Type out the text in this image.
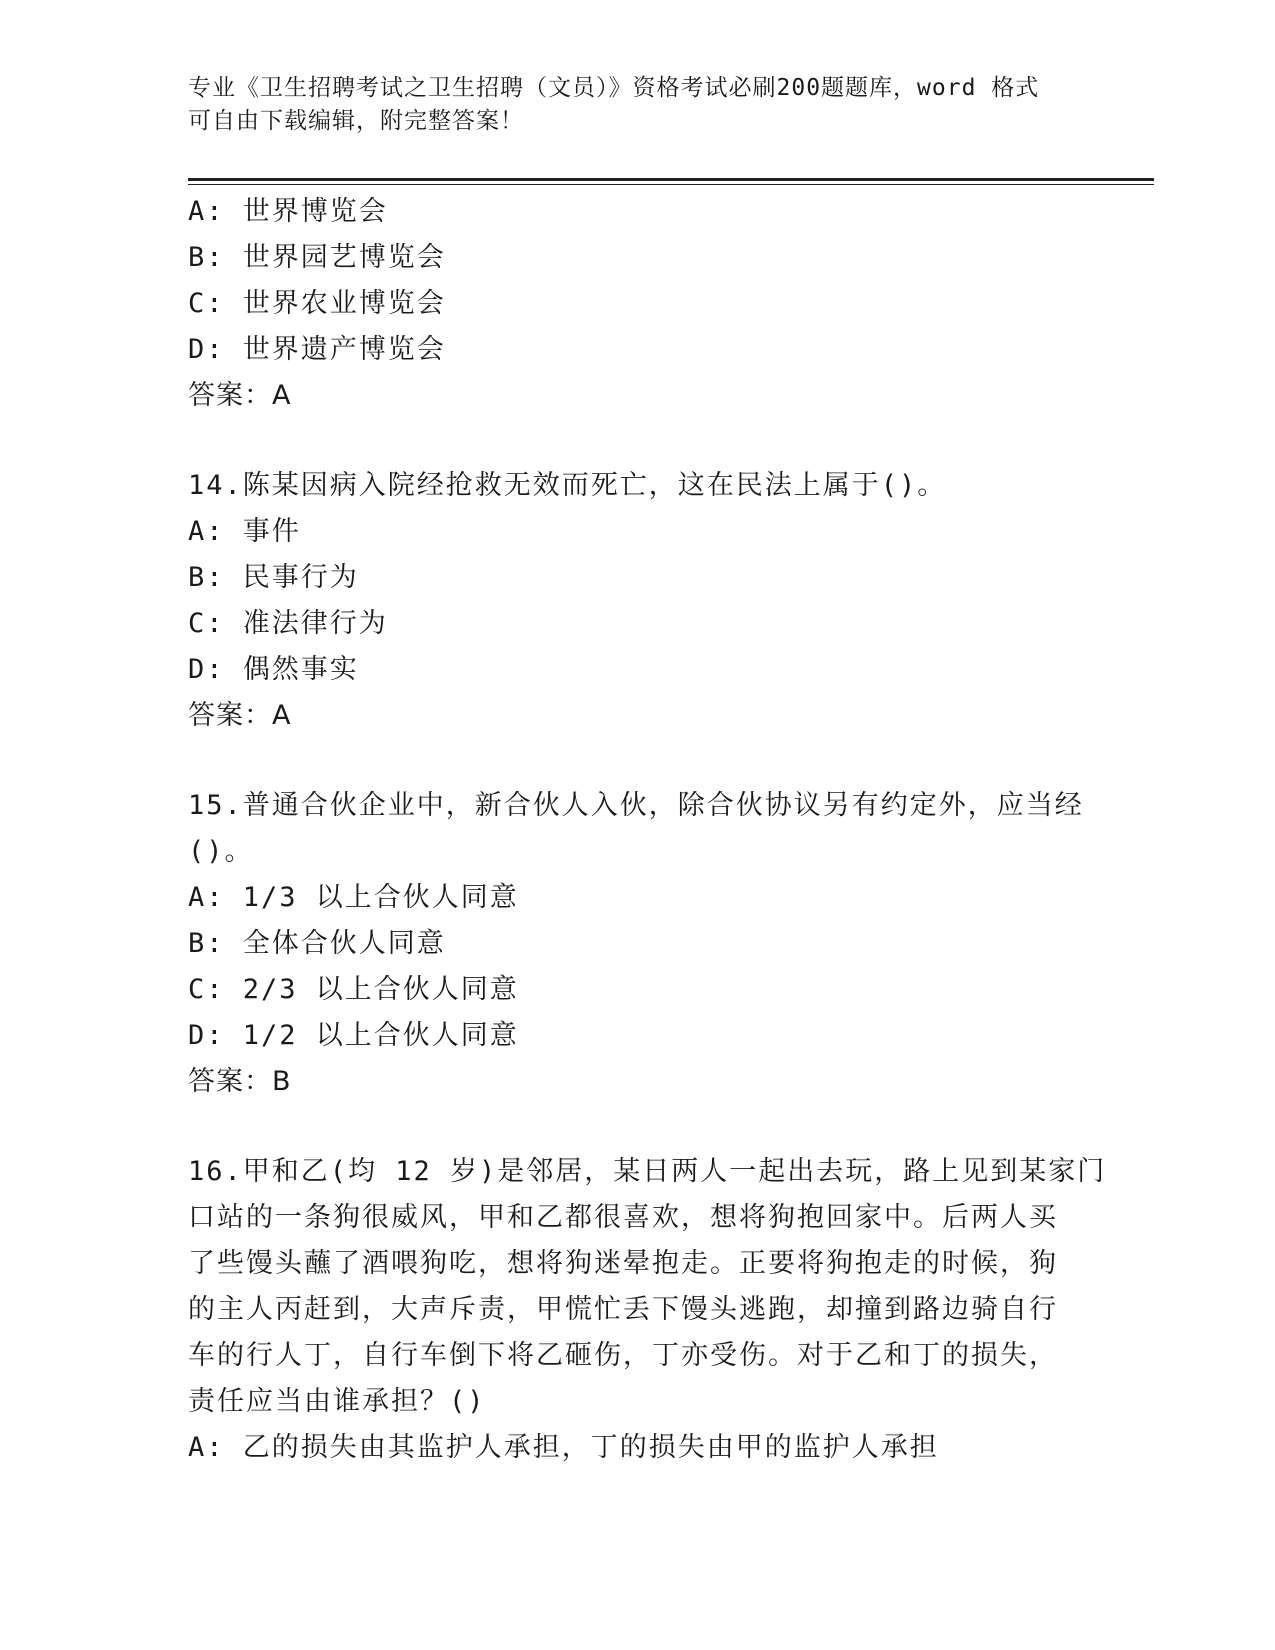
专业《卫生招聘考试之卫生招聘（文员）》资格考试必刷200题题库，word 格式
可自由下载编辑，附完整答案！
A: 世界博览会
B: 世界园艺博览会
C: 世界农业博览会
D: 世界遗产博览会
答案：A
14.陈某因病入院经抢救无效而死亡，这在民法上属于()。
A: 事件
B: 民事行为
C: 准法律行为
D: 偶然事实
答案：A
15.普通合伙企业中，新合伙人入伙，除合伙协议另有约定外，应当经
()。
A: 1/3 以上合伙人同意
B: 全体合伙人同意
C: 2/3 以上合伙人同意
D: 1/2 以上合伙人同意
答案：B
16.甲和乙(均 12 岁)是邻居，某日两人一起出去玩，路上见到某家门
口站的一条狗很威风，甲和乙都很喜欢，想将狗抱回家中。后两人买
了些馒头蘸了酒喂狗吃，想将狗迷晕抱走。正要将狗抱走的时候，狗
的主人丙赶到，大声斥责，甲慌忙丢下馒头逃跑，却撞到路边骑自行
车的行人丁，自行车倒下将乙砸伤，丁亦受伤。对于乙和丁的损失，
责任应当由谁承担？()
A: 乙的损失由其监护人承担，丁的损失由甲的监护人承担
